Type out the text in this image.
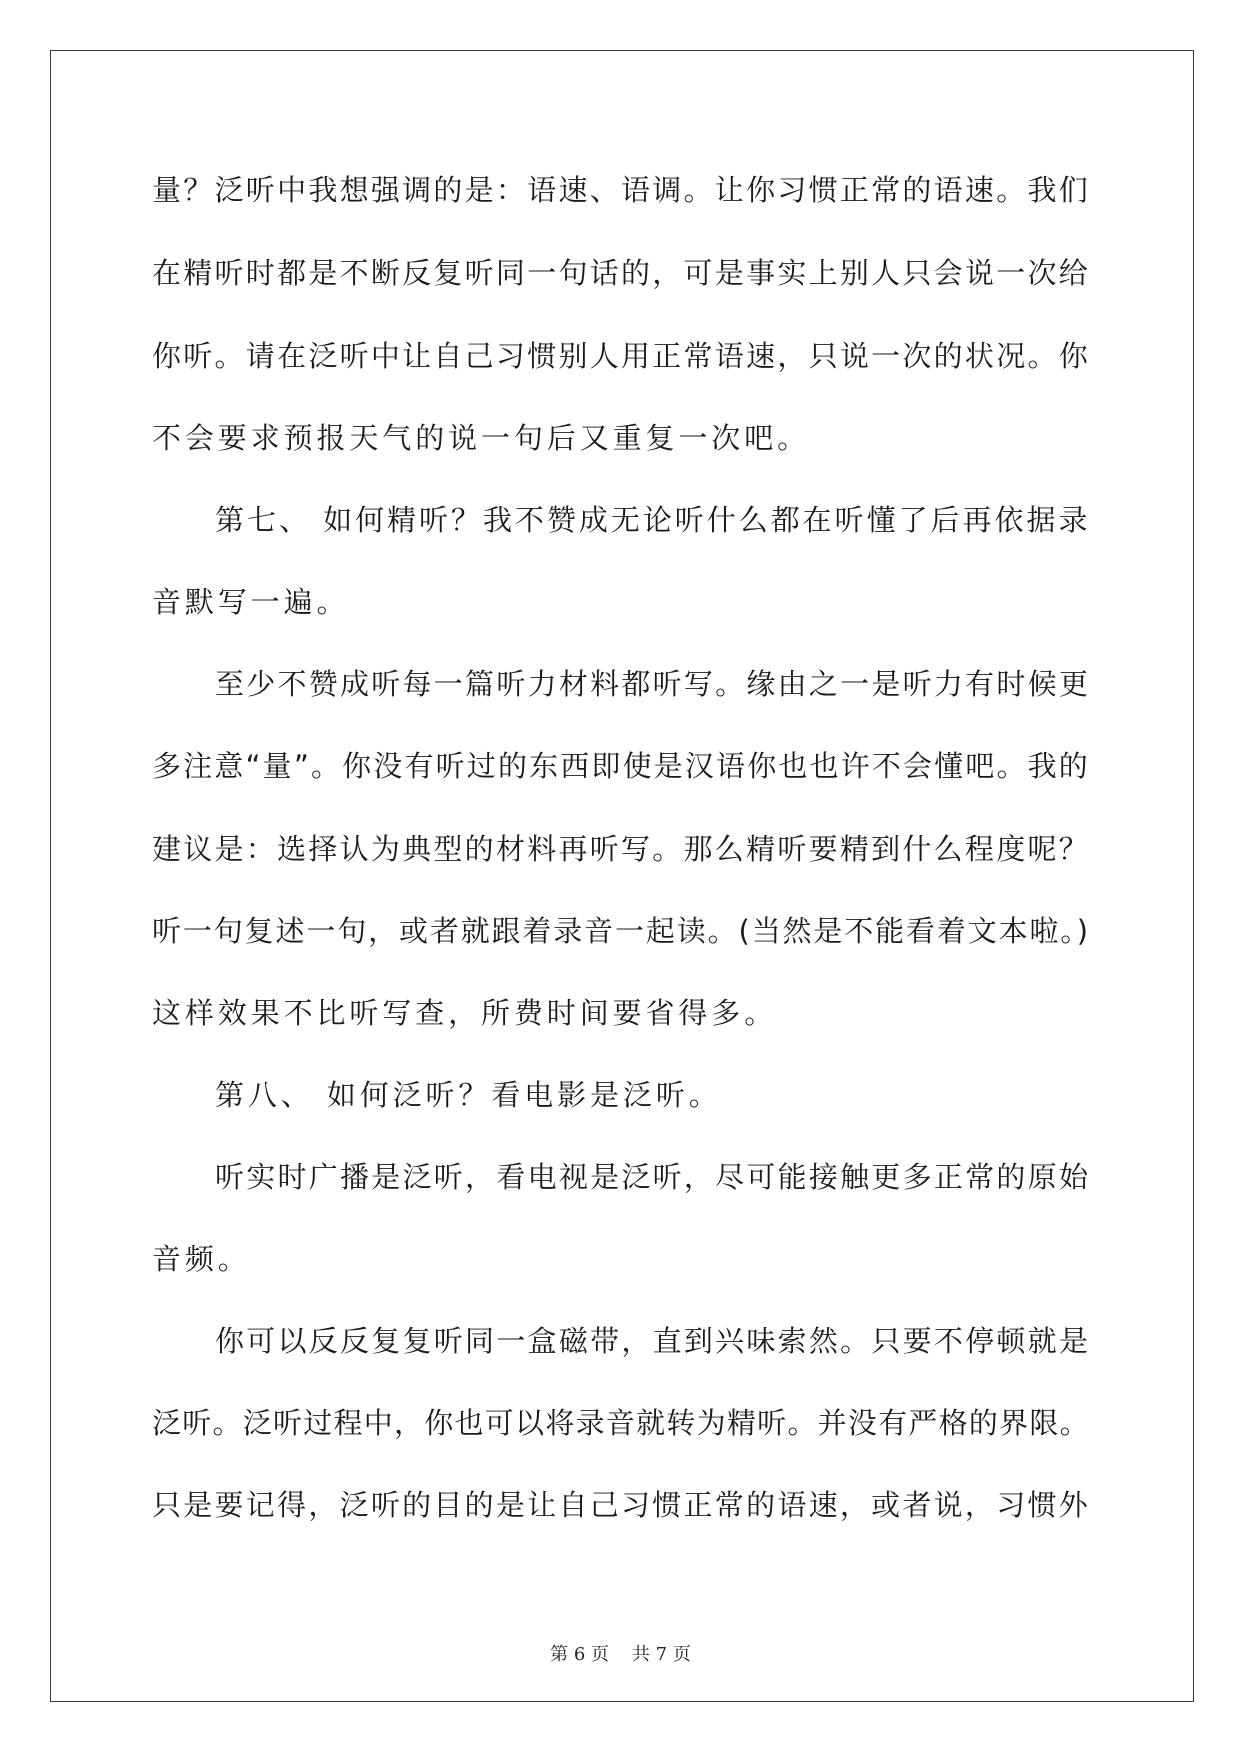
量？泛听中我想强调的是：语速、语调。让你习惯正常的语速。我们
在精听时都是不断反复听同一句话的，可是事实上别人只会说一次给
你听。请在泛听中让自己习惯别人用正常语速，只说一次的状况。你
不会要求预报天气的说一句后又重复一次吧。
第七、 如何精听？我不赞成无论听什么都在听懂了后再依据录
音默写一遍。
至少不赞成听每一篇听力材料都听写。缘由之一是听力有时候更
多注意“量”。你没有听过的东西即使是汉语你也也许不会懂吧。我的
建议是：选择认为典型的材料再听写。那么精听要精到什么程度呢？
听一句复述一句，或者就跟着录音一起读。(当然是不能看着文本啦。)
这样效果不比听写查，所费时间要省得多。
第八、 如何泛听？看电影是泛听。
听实时广播是泛听，看电视是泛听，尽可能接触更多正常的原始
音频。
你可以反反复复听同一盒磁带，直到兴味索然。只要不停顿就是
泛听。泛听过程中，你也可以将录音就转为精听。并没有严格的界限。
只是要记得，泛听的目的是让自己习惯正常的语速，或者说，习惯外
第 6 页    共 7 页
